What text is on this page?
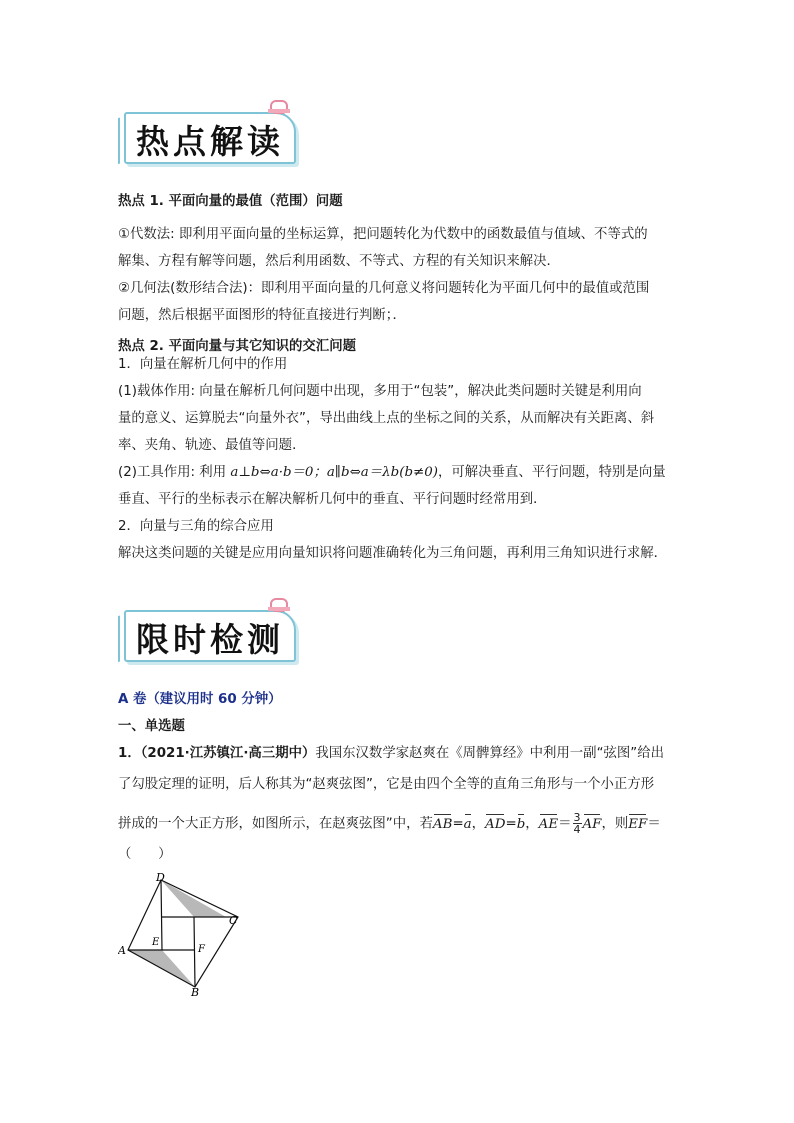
热点解读
热点 1. 平面向量的最值（范围）问题
①代数法: 即利用平面向量的坐标运算，把问题转化为代数中的函数最值与值域、不等式的
解集、方程有解等问题，然后利用函数、不等式、方程的有关知识来解决．
②几何法(数形结合法)：即利用平面向量的几何意义将问题转化为平面几何中的最值或范围
问题，然后根据平面图形的特征直接进行判断；．
热点 2. 平面向量与其它知识的交汇问题
1．向量在解析几何中的作用
(1)载体作用: 向量在解析几何问题中出现，多用于“包装”，解决此类问题时关键是利用向
量的意义、运算脱去“向量外衣”，导出曲线上点的坐标之间的关系，从而解决有关距离、斜
率、夹角、轨迹、最值等问题．
(2)工具作用: 利用 a⊥b⇔a·b＝0；a∥b⇔a＝λb(b≠0)，可解决垂直、平行问题，特别是向量
垂直、平行的坐标表示在解决解析几何中的垂直、平行问题时经常用到．
2．向量与三角的综合应用
解决这类问题的关键是应用向量知识将问题准确转化为三角问题，再利用三角知识进行求解．
限时检测
A 卷（建议用时 60 分钟）
一、单选题
1．（2021·江苏镇江·高三期中）我国东汉数学家赵爽在《周髀算经》中利用一副“弦图”给出
了勾股定理的证明，后人称其为“赵爽弦图”，它是由四个全等的直角三角形与一个小正方形
拼成的一个大正方形，如图所示，在赵爽弦图”中，若AB=a，AD=b，$AE= \frac{3}{4}$ AF，则EF＝
（　　）
D
C
A
B
E
F
